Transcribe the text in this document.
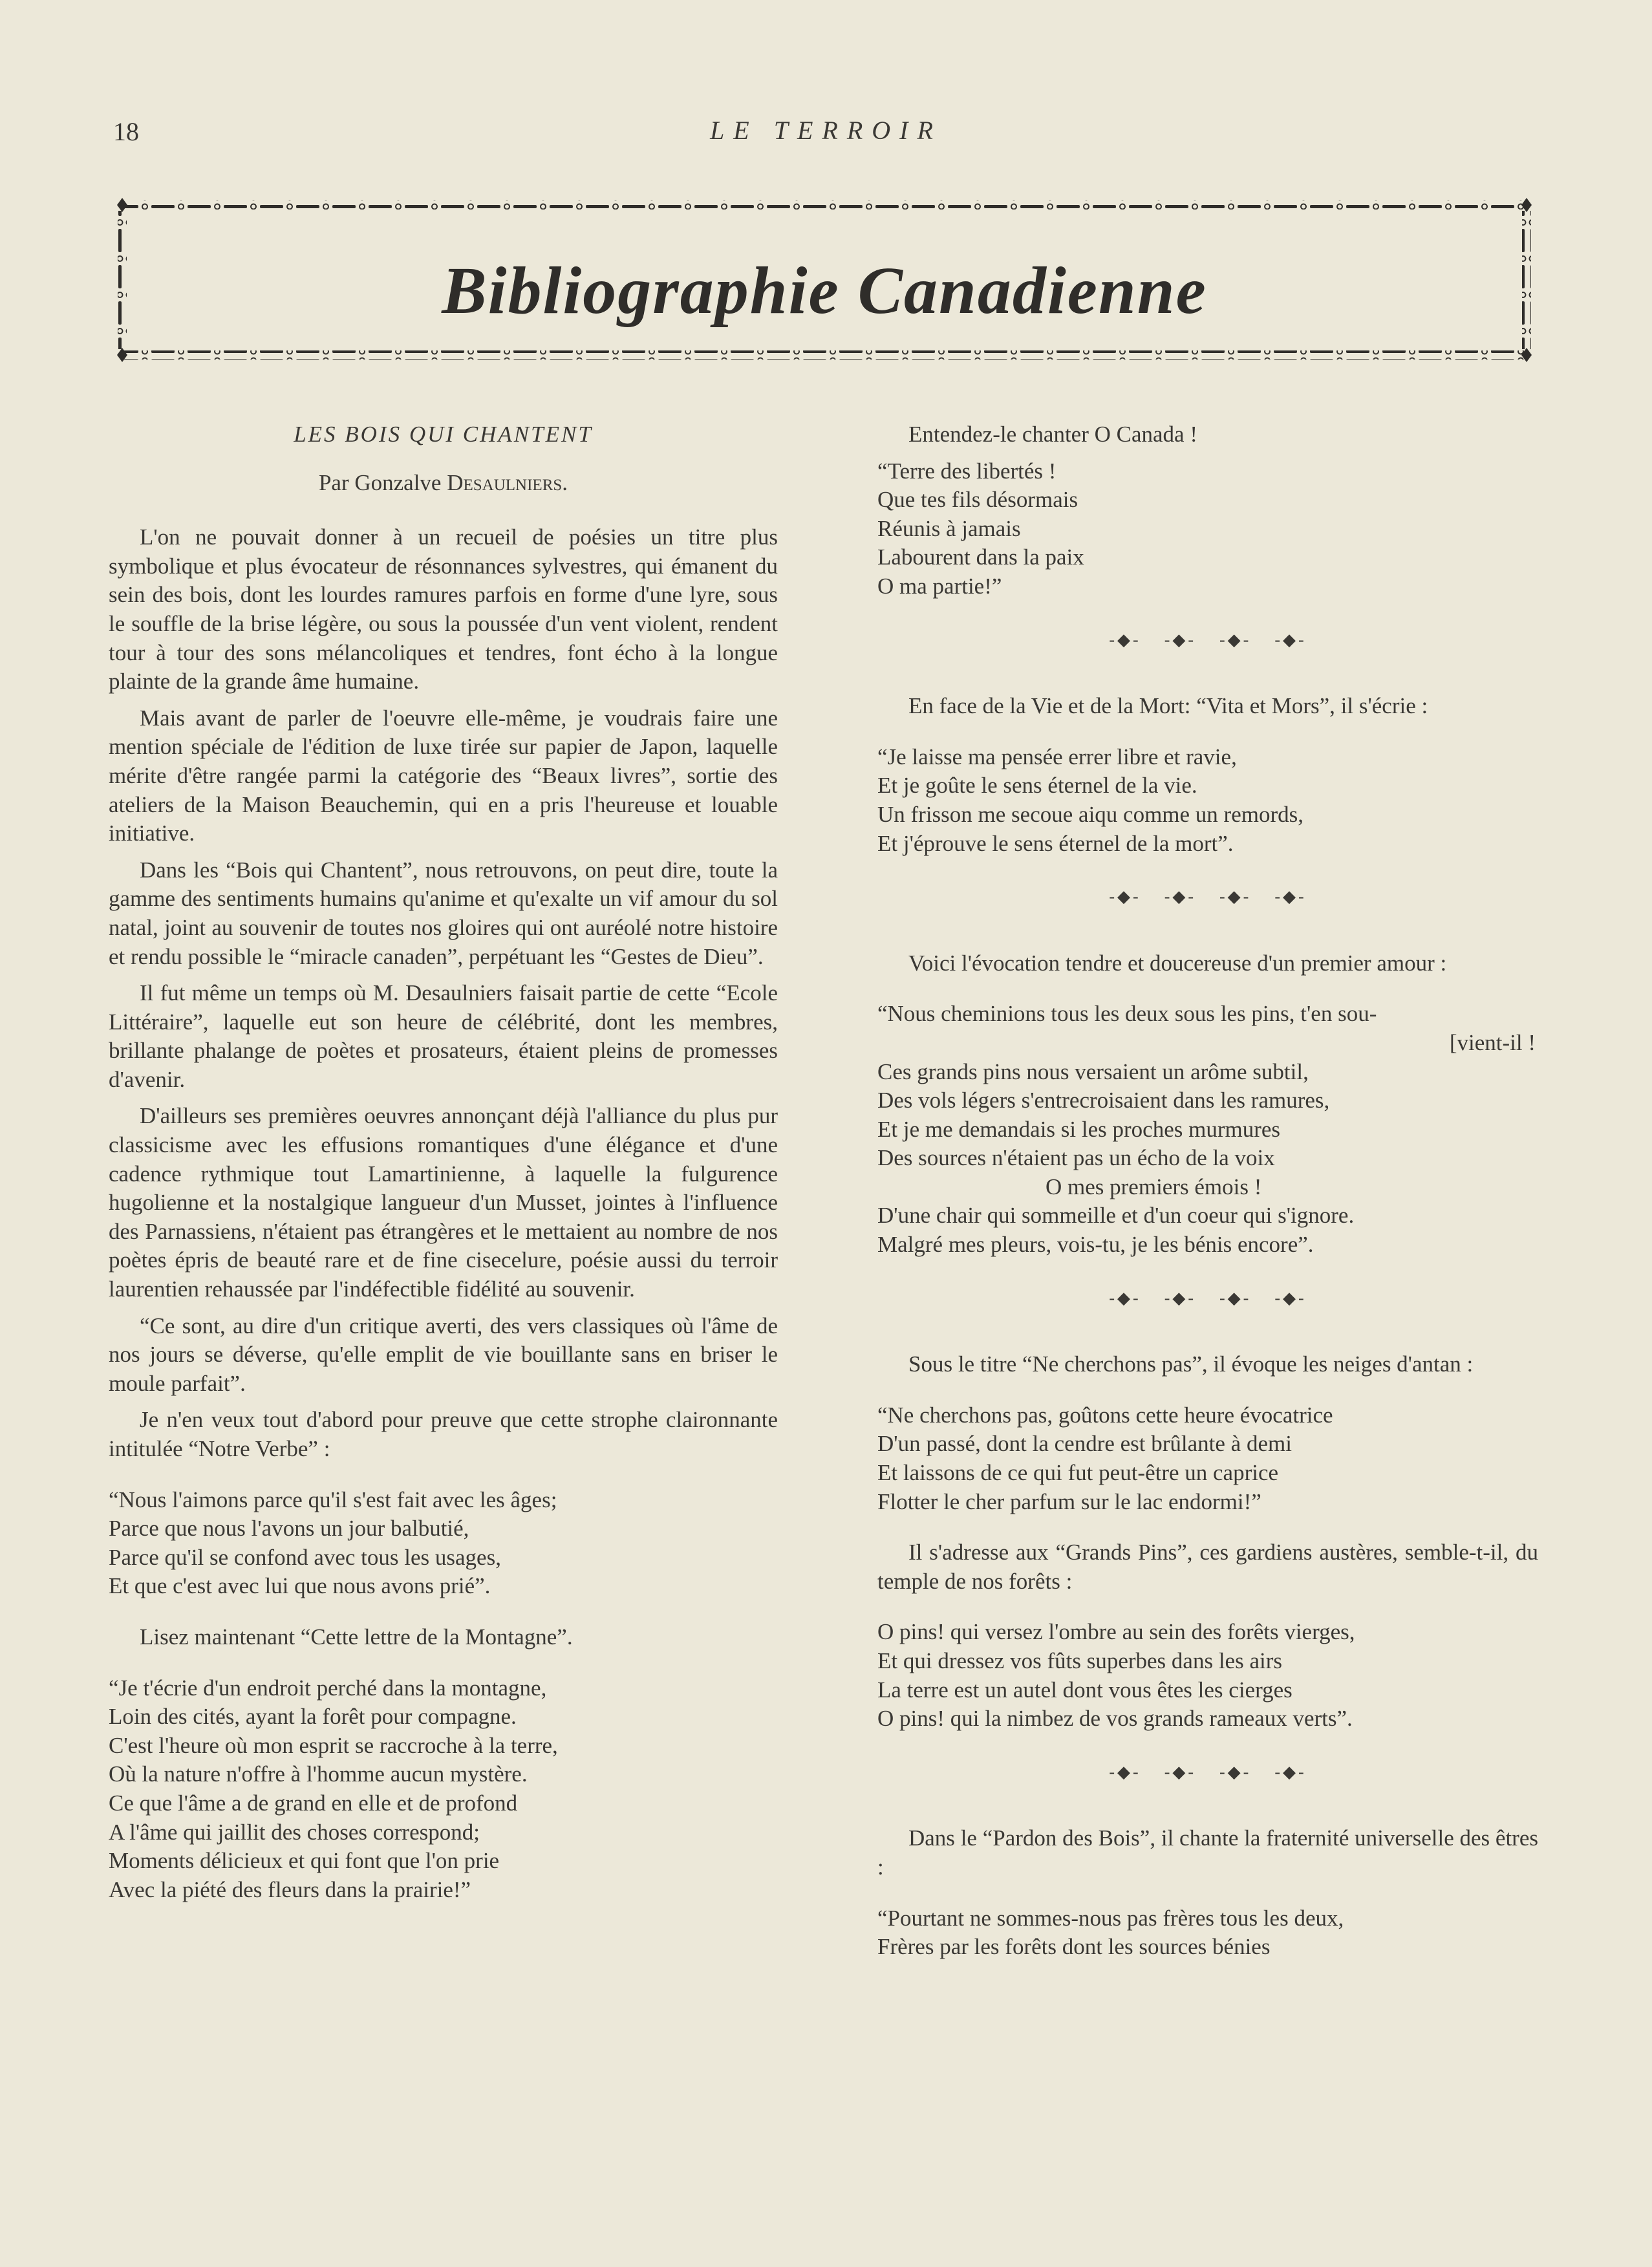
18	LE TERROIR
Bibliographie Canadienne

LES BOIS QUI CHANTENT

Par Gonzalve Desaulniers.

L'on ne pouvait donner à un recueil de poésies un titre plus symbolique et plus évocateur de résonnances sylvestres, qui émanent du sein des bois, dont les lourdes ramures parfois en forme d'une lyre, sous le souffle de la brise légère, ou sous la poussée d'un vent violent, rendent tour à tour des sons mélancoliques et tendres, font écho à la longue plainte de la grande âme humaine.

Mais avant de parler de l'oeuvre elle-même, je voudrais faire une mention spéciale de l'édition de luxe tirée sur papier de Japon, laquelle mérite d'être rangée parmi la catégorie des “Beaux livres”, sortie des ateliers de la Maison Beauchemin, qui en a pris l'heureuse et louable initiative.

Dans les “Bois qui Chantent”, nous retrouvons, on peut dire, toute la gamme des sentiments humains qu'anime et qu'exalte un vif amour du sol natal, joint au souvenir de toutes nos gloires qui ont auréolé notre histoire et rendu possible le “miracle canaden”, perpétuant les “Gestes de Dieu”.

Il fut même un temps où M. Desaulniers faisait partie de cette “Ecole Littéraire”, laquelle eut son heure de célébrité, dont les membres, brillante phalange de poètes et prosateurs, étaient pleins de promesses d'avenir.

D'ailleurs ses premières oeuvres annonçant déjà l'alliance du plus pur classicisme avec les effusions romantiques d'une élégance et d'une cadence rythmique tout Lamartinienne, à laquelle la fulgurence hugolienne et la nostalgique langueur d'un Musset, jointes à l'influence des Parnassiens, n'étaient pas étrangères et le mettaient au nombre de nos poètes épris de beauté rare et de fine cisecelure, poésie aussi du terroir laurentien rehaussée par l'indéfectible fidélité au souvenir.

“Ce sont, au dire d'un critique averti, des vers classiques où l'âme de nos jours se déverse, qu'elle emplit de vie bouillante sans en briser le moule parfait”.

Je n'en veux tout d'abord pour preuve que cette strophe claironnante intitulée “Notre Verbe” :

“Nous l'aimons parce qu'il s'est fait avec les âges;
Parce que nous l'avons un jour balbutié,
Parce qu'il se confond avec tous les usages,
Et que c'est avec lui que nous avons prié”.

Lisez maintenant “Cette lettre de la Montagne”.

“Je t'écrie d'un endroit perché dans la montagne,
Loin des cités, ayant la forêt pour compagne.
C'est l'heure où mon esprit se raccroche à la terre,
Où la nature n'offre à l'homme aucun mystère.
Ce que l'âme a de grand en elle et de profond
A l'âme qui jaillit des choses correspond;
Moments délicieux et qui font que l'on prie
Avec la piété des fleurs dans la prairie!”

Entendez-le chanter O Canada !

“Terre des libertés !
Que tes fils désormais
Réunis à jamais
Labourent dans la paix
O ma partie!”
-◆- -◆- -◆- -◆-

En face de la Vie et de la Mort: “Vita et Mors”, il s'écrie :

“Je laisse ma pensée errer libre et ravie,
Et je goûte le sens éternel de la vie.
Un frisson me secoue aiqu comme un remords,
Et j'éprouve le sens éternel de la mort”.
-◆- -◆- -◆- -◆-

Voici l'évocation tendre et doucereuse d'un premier amour :

“Nous cheminions tous les deux sous les pins, t'en sou-
[vient-il !
Ces grands pins nous versaient un arôme subtil,
Des vols légers s'entrecroisaient dans les ramures,
Et je me demandais si les proches murmures
Des sources n'étaient pas un écho de la voix
O mes premiers émois !
D'une chair qui sommeille et d'un coeur qui s'ignore.
Malgré mes pleurs, vois-tu, je les bénis encore”.
-◆- -◆- -◆- -◆-

Sous le titre “Ne cherchons pas”, il évoque les neiges d'antan :

“Ne cherchons pas, goûtons cette heure évocatrice
D'un passé, dont la cendre est brûlante à demi
Et laissons de ce qui fut peut-être un caprice
Flotter le cher parfum sur le lac endormi!”

Il s'adresse aux “Grands Pins”, ces gardiens austères, semble-t-il, du temple de nos forêts :

O pins! qui versez l'ombre au sein des forêts vierges,
Et qui dressez vos fûts superbes dans les airs
La terre est un autel dont vous êtes les cierges
O pins! qui la nimbez de vos grands rameaux verts”.
-◆- -◆- -◆- -◆-

Dans le “Pardon des Bois”, il chante la fraternité universelle des êtres :

“Pourtant ne sommes-nous pas frères tous les deux,
Frères par les forêts dont les sources bénies
